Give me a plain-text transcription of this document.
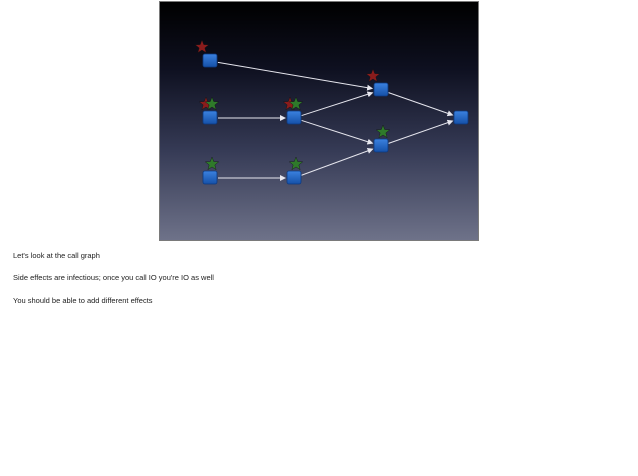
Let's look at the call graph
Side effects are infectious; once you call IO you're IO as well
You should be able to add different effects
